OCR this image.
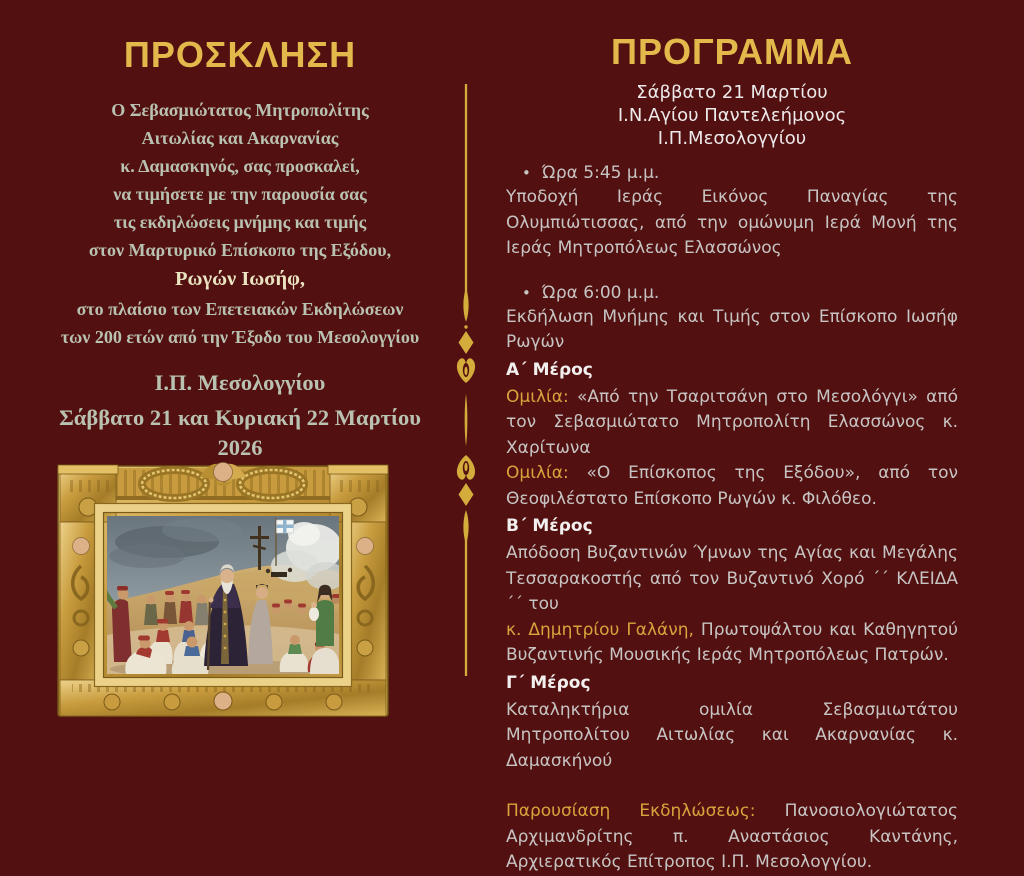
ΠΡΟΣΚΛΗΣΗ

Ο Σεβασμιώτατος Μητροπολίτης

Αιτωλίας και Ακαρνανίας

κ. Δαμασκηνός, σας προσκαλεί,

να τιμήσετε με την παρουσία σας

τις εκδηλώσεις μνήμης και τιμής

στον Μαρτυρικό Επίσκοπο της Εξόδου,

Ρωγών Ιωσήφ,

στο πλαίσιο των Επετειακών Εκδηλώσεων

των 200 ετών από την Έξοδο του Μεσολογγίου

Ι.Π. Μεσολογγίου

Σάββατο 21 και Κυριακή 22 Μαρτίου 2026

ΠΡΟΓΡΑΜΜΑ

Σάββατο 21 Μαρτίου

Ι.Ν.Αγίου Παντελεήμονος

Ι.Π.Μεσολογγίου

• Ώρα 5:45 μ.μ.

Υποδοχή Ιεράς Εικόνος Παναγίας της Ολυμπιώτισσας, από την ομώνυμη Ιερά Μονή της Ιεράς Μητροπόλεως Ελασσώνος

• Ώρα 6:00 μ.μ.

Εκδήλωση Μνήμης και Τιμής στον Επίσκοπο Ιωσήφ Ρωγών

Α΄ Μέρος

Ομιλία: «Από την Τσαριτσάνη στο Μεσολόγγι» από τον Σεβασμιώτατο Μητροπολίτη Ελασσώνος κ. Χαρίτωνα

Ομιλία: «Ο Επίσκοπος της Εξόδου», από τον Θεοφιλέστατο Επίσκοπο Ρωγών κ. Φιλόθεο.

Β΄ Μέρος

Απόδοση Βυζαντινών Ύμνων της Αγίας και Μεγάλης Τεσσαρακοστής από τον Βυζαντινό Χορό ΄΄ ΚΛΕΙΔΑ ΄΄ του
κ. Δημητρίου Γαλάνη, Πρωτοψάλτου και Καθηγητού Βυζαντινής Μουσικής Ιεράς Μητροπόλεως Πατρών.

Γ΄ Μέρος

Καταληκτήρια ομιλία Σεβασμιωτάτου Μητροπολίτου Αιτωλίας και Ακαρνανίας κ. Δαμασκήνού

Παρουσίαση Εκδηλώσεως: Πανοσιολογιώτατος Αρχιμανδρίτης π. Αναστάσιος Καντάνης, Αρχιερατικός Επίτροπος Ι.Π. Μεσολογγίου.
